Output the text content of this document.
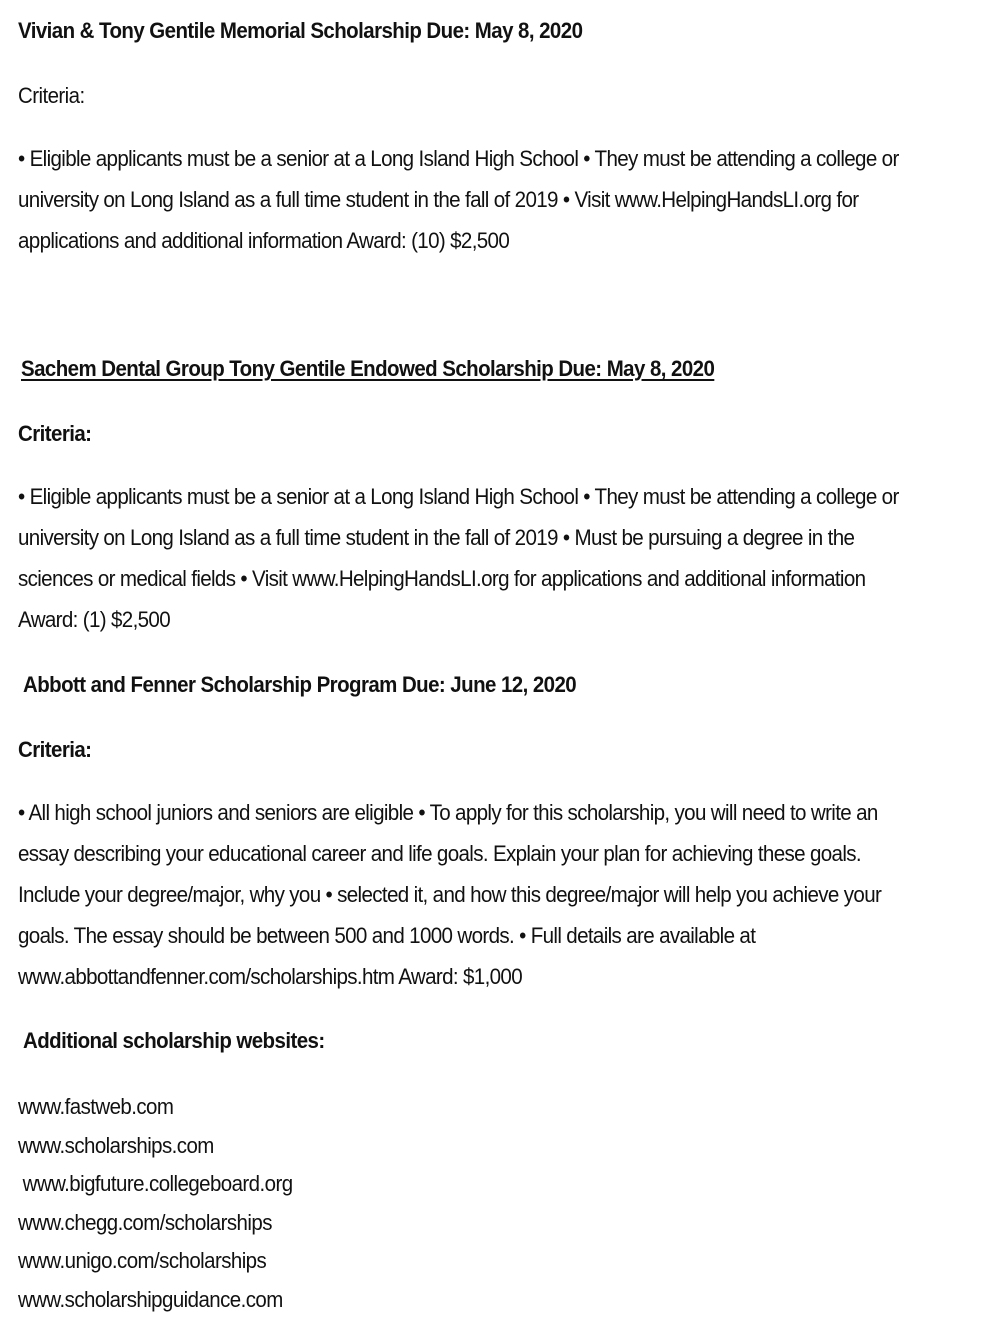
Vivian & Tony Gentile Memorial Scholarship Due: May 8, 2020
Criteria:
• Eligible applicants must be a senior at a Long Island High School • They must be attending a college or
university on Long Island as a full time student in the fall of 2019 • Visit www.HelpingHandsLI.org for
applications and additional information Award: (10) $2,500
Sachem Dental Group Tony Gentile Endowed Scholarship Due: May 8, 2020
Criteria:
• Eligible applicants must be a senior at a Long Island High School • They must be attending a college or
university on Long Island as a full time student in the fall of 2019 • Must be pursuing a degree in the
sciences or medical fields • Visit www.HelpingHandsLI.org for applications and additional information
Award: (1) $2,500
Abbott and Fenner Scholarship Program Due: June 12, 2020
Criteria:
• All high school juniors and seniors are eligible • To apply for this scholarship, you will need to write an
essay describing your educational career and life goals. Explain your plan for achieving these goals.
Include your degree/major, why you • selected it, and how this degree/major will help you achieve your
goals. The essay should be between 500 and 1000 words. • Full details are available at
www.abbottandfenner.com/scholarships.htm Award: $1,000
Additional scholarship websites:
www.fastweb.com
www.scholarships.com
www.bigfuture.collegeboard.org
www.chegg.com/scholarships
www.unigo.com/scholarships
www.scholarshipguidance.com
